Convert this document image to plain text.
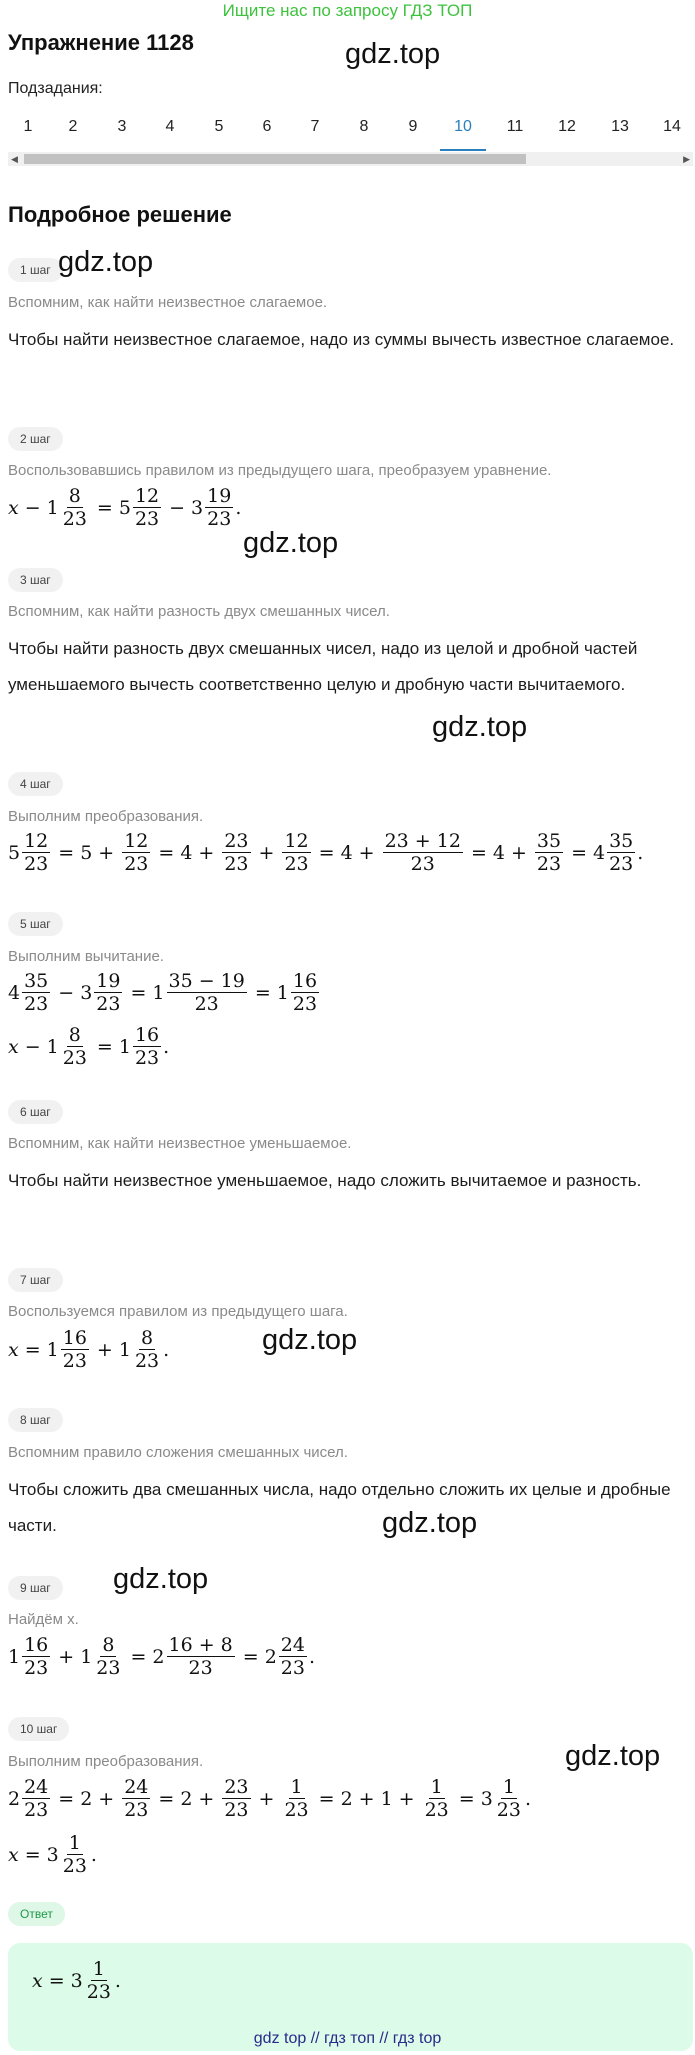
Ищите нас по запросу ГДЗ ТОП
Упражнение 1128	gdz.top
Подзадания:
1 2	3 4	5 6 7	8	9 10 11 12 13 14
◀	▶
Подробное решение
1 шаг gdz.top
Вспомним, как найти неизвестное слагаемое.
Чтобы найти неизвестное слагаемое, надо из суммы вычесть известное слагаемое.
2 шаг
Воспользовавшись правилом из предыдущего шага, преобразуем уравнение.
$x - 1 \frac{8}{23} = 5 \frac{12}{23} - 3 \frac{19}{23}$ .
gdz.top
3 шаг
Вспомним, как найти разность двух смешанных чисел.
Чтобы найти разность двух смешанных чисел, надо из целой и дробной частей уменьшаемого вычесть соответственно целую и дробную части вычитаемого.
gdz.top
4 шаг
Выполним преобразования.
$5 \frac{12}{23} = 5 + \frac{12}{23} = 4 + \frac{23}{23} + \frac{12}{23} = 4 + \frac{23 + 12}{23} = 4 + \frac{35}{23} = 4 \frac{35}{23}$ .
5 шаг
Выполним вычитание.
$4 \frac{35}{23} - 3 \frac{19}{23} = 1 \frac{35 - 19}{23} = 1 \frac{16}{23}$
$x - 1 \frac{8}{23} = 1 \frac{16}{23}$ .
6 шаг
Вспомним, как найти неизвестное уменьшаемое.
Чтобы найти неизвестное уменьшаемое, надо сложить вычитаемое и разность.
7 шаг
Воспользуемся правилом из предыдущего шага.
$x = 1 \frac{16}{23} + 1 \frac{8}{23}$ .	gdz.top
8 шаг
Вспомним правило сложения смешанных чисел.
Чтобы сложить два смешанных числа, надо отдельно сложить их целые и дробные части.	gdz.top
9 шаг	gdz.top
Найдём x.
$1 \frac{16}{23} + 1 \frac{8}{23} = 2 \frac{16 + 8}{23} = 2 \frac{24}{23}$ .
10 шаг
gdz.top
Выполним преобразования.
$2 \frac{24}{23} = 2 + \frac{24}{23} = 2 + \frac{23}{23} + \frac{1}{23} = 2 + 1 + \frac{1}{23} = 3 \frac{1}{23}$ .
$x = 3 \frac{1}{23}$ .
Ответ
$x = 3 \frac{1}{23}$ .
gdz top // гдз топ // гдз top
